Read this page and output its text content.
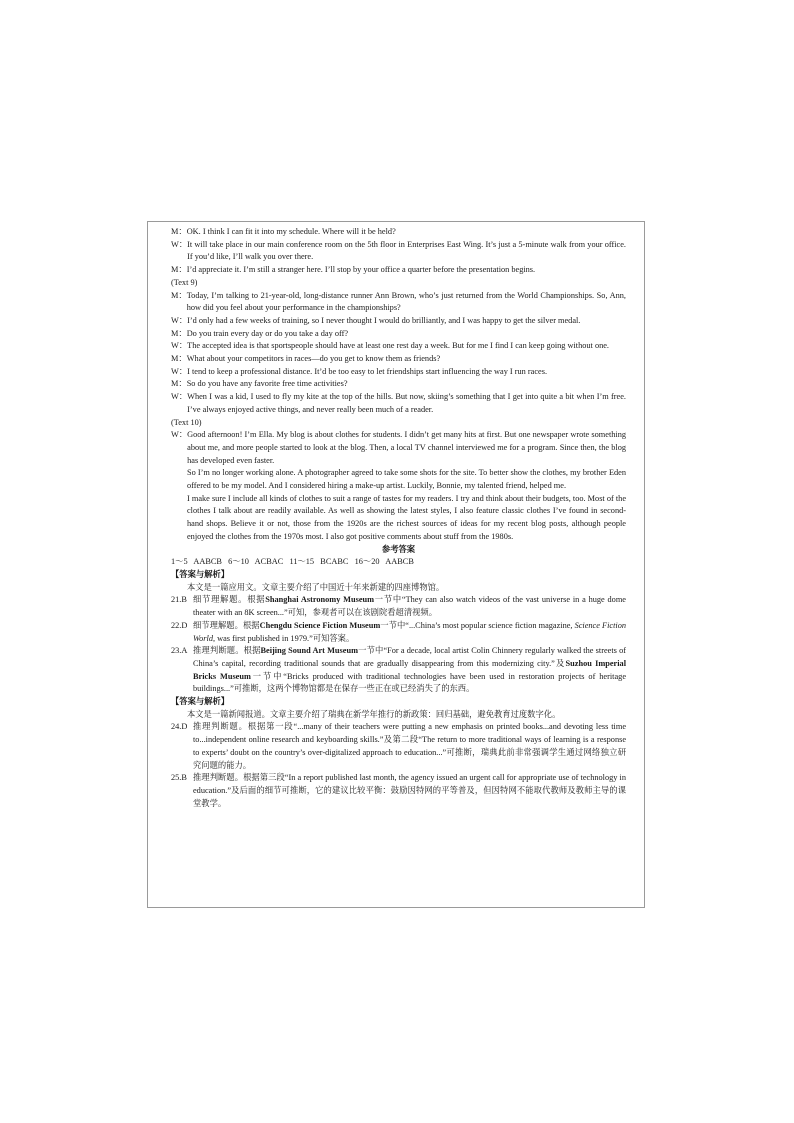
M： OK. I think I can fit it into my schedule. Where will it be held?
W： It will take place in our main conference room on the 5th floor in Enterprises East Wing. It’s just a 5-minute walk from your office. If you’d like, I’ll walk you over there.
M： I’d appreciate it. I’m still a stranger here. I’ll stop by your office a quarter before the presentation begins.
(Text 9)
M： Today, I’m talking to 21-year-old, long-distance runner Ann Brown, who’s just returned from the World Championships. So, Ann, how did you feel about your performance in the championships?
W： I’d only had a few weeks of training, so I never thought I would do brilliantly, and I was happy to get the silver medal.
M： Do you train every day or do you take a day off?
W： The accepted idea is that sportspeople should have at least one rest day a week. But for me I find I can keep going without one.
M： What about your competitors in races—do you get to know them as friends?
W： I tend to keep a professional distance. It’d be too easy to let friendships start influencing the way I run races.
M： So do you have any favorite free time activities?
W： When I was a kid, I used to fly my kite at the top of the hills. But now, skiing’s something that I get into quite a bit when I’m free. I’ve always enjoyed active things, and never really been much of a reader.
(Text 10)
W： Good afternoon! I’m Ella. My blog is about clothes for students. I didn’t get many hits at first. But one newspaper wrote something about me, and more people started to look at the blog. Then, a local TV channel interviewed me for a program. Since then, the blog has developed even faster.
So I’m no longer working alone. A photographer agreed to take some shots for the site. To better show the clothes, my brother Eden offered to be my model. And I considered hiring a make-up artist. Luckily, Bonnie, my talented friend, helped me.
I make sure I include all kinds of clothes to suit a range of tastes for my readers. I try and think about their budgets, too. Most of the clothes I talk about are readily available. As well as showing the latest styles, I also feature classic clothes I’ve found in second-hand shops. Believe it or not, those from the 1920s are the richest sources of ideas for my recent blog posts, although people enjoyed the clothes from the 1970s most. I also got positive comments about stuff from the 1980s.
参考答案
1～5   AABCB   6～10   ACBAC   11～15   BCABC   16～20   AABCB
【答案与解析】
本文是一篇应用文。文章主要介绍了中国近十年来新建的四座博物馆。
21.B 细节理解题。根据Shanghai Astronomy Museum一节中“They can also watch videos of the vast universe in a huge dome theater with an 8K screen...”可知，参观者可以在该剧院看超清视频。
22.D 细节理解题。根据Chengdu Science Fiction Museum一节中“...China’s most popular science fiction magazine, Science Fiction World, was first published in 1979.”可知答案。
23.A 推理判断题。根据Beijing Sound Art Museum一节中“For a decade, local artist Colin Chinnery regularly walked the streets of China’s capital, recording traditional sounds that are gradually disappearing from this modernizing city.”及Suzhou Imperial Bricks Museum一节中“Bricks produced with traditional technologies have been used in restoration projects of heritage buildings...”可推断，这两个博物馆都是在保存一些正在或已经消失了的东西。
【答案与解析】
本文是一篇新闻报道。文章主要介绍了瑞典在新学年推行的新政策：回归基础，避免教育过度数字化。
24.D 推理判断题。根据第一段“...many of their teachers were putting a new emphasis on printed books...and devoting less time to...independent online research and keyboarding skills.”及第二段“The return to more traditional ways of learning is a response to experts’ doubt on the country’s over-digitalized approach to education...”可推断，瑞典此前非常强调学生通过网络独立研究问题的能力。
25.B 推理判断题。根据第三段“In a report published last month, the agency issued an urgent call for appropriate use of technology in education.”及后面的细节可推断，它的建议比较平衡：鼓励因特网的平等普及，但因特网不能取代教师及教师主导的课堂教学。
